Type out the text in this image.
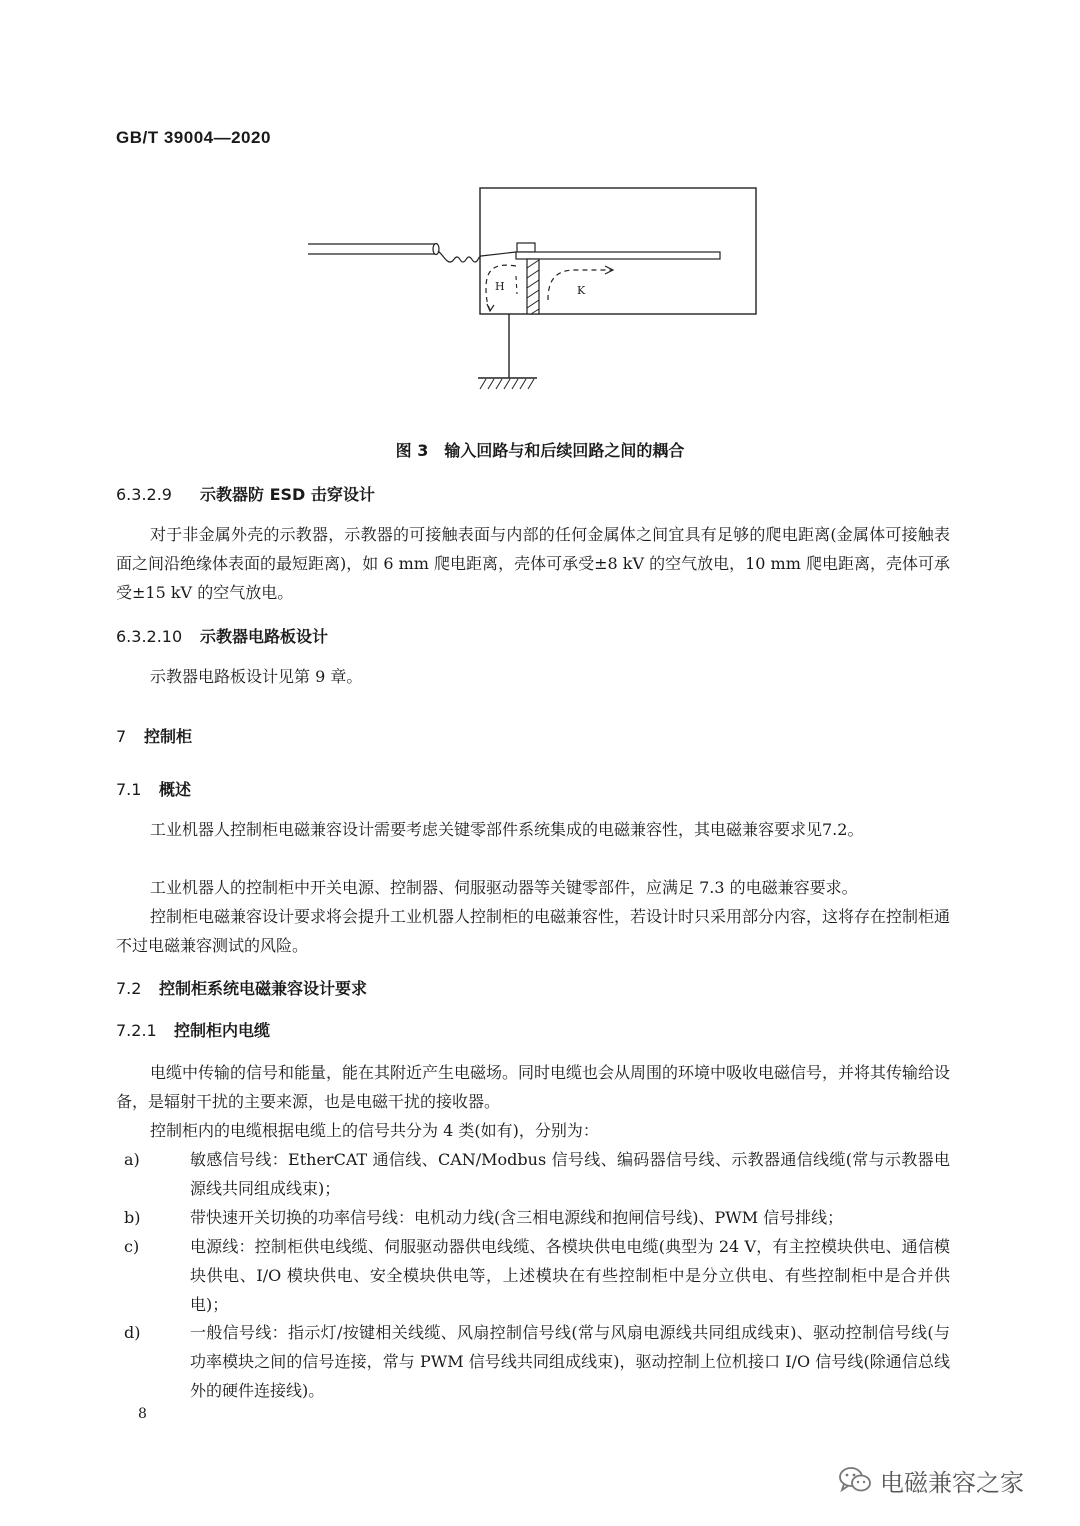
GB/T 39004—2020
H	K
图 3　输入回路与和后续回路之间的耦合
6.3.2.9 示教器防 ESD 击穿设计

对于非金属外壳的示教器，示教器的可接触表面与内部的任何金属体之间宜具有足够的爬电距离(金属体可接触表面之间沿绝缘体表面的最短距离)，如 6 mm 爬电距离，壳体可承受±8 kV 的空气放电，10 mm 爬电距离，壳体可承受±15 kV 的空气放电。

6.3.2.10 示教器电路板设计

示教器电路板设计见第 9 章。

7 控制柜
7.1 概述

工业机器人控制柜电磁兼容设计需要考虑关键零部件系统集成的电磁兼容性，其电磁兼容要求见7.2。

工业机器人的控制柜中开关电源、控制器、伺服驱动器等关键零部件，应满足 7.3 的电磁兼容要求。

控制柜电磁兼容设计要求将会提升工业机器人控制柜的电磁兼容性，若设计时只采用部分内容，这将存在控制柜通不过电磁兼容测试的风险。

7.2 控制柜系统电磁兼容设计要求
7.2.1 控制柜内电缆

电缆中传输的信号和能量，能在其附近产生电磁场。同时电缆也会从周围的环境中吸收电磁信号，并将其传输给设备，是辐射干扰的主要来源，也是电磁干扰的接收器。

控制柜内的电缆根据电缆上的信号共分为 4 类(如有)，分别为：

a)	敏感信号线：EtherCAT 通信线、CAN/Modbus 信号线、编码器信号线、示教器通信线缆(常与示教器电源线共同组成线束)；
b)	带快速开关切换的功率信号线：电机动力线(含三相电源线和抱闸信号线)、PWM 信号排线；
c)	电源线：控制柜供电线缆、伺服驱动器供电线缆、各模块供电电缆(典型为 24 V，有主控模块供电、通信模块供电、I/O 模块供电、安全模块供电等，上述模块在有些控制柜中是分立供电、有些控制柜中是合并供电)；
d)	一般信号线：指示灯/按键相关线缆、风扇控制信号线(常与风扇电源线共同组成线束)、驱动控制信号线(与功率模块之间的信号连接，常与 PWM 信号线共同组成线束)，驱动控制上位机接口 I/O 信号线(除通信总线外的硬件连接线)。
8
电磁兼容之家
